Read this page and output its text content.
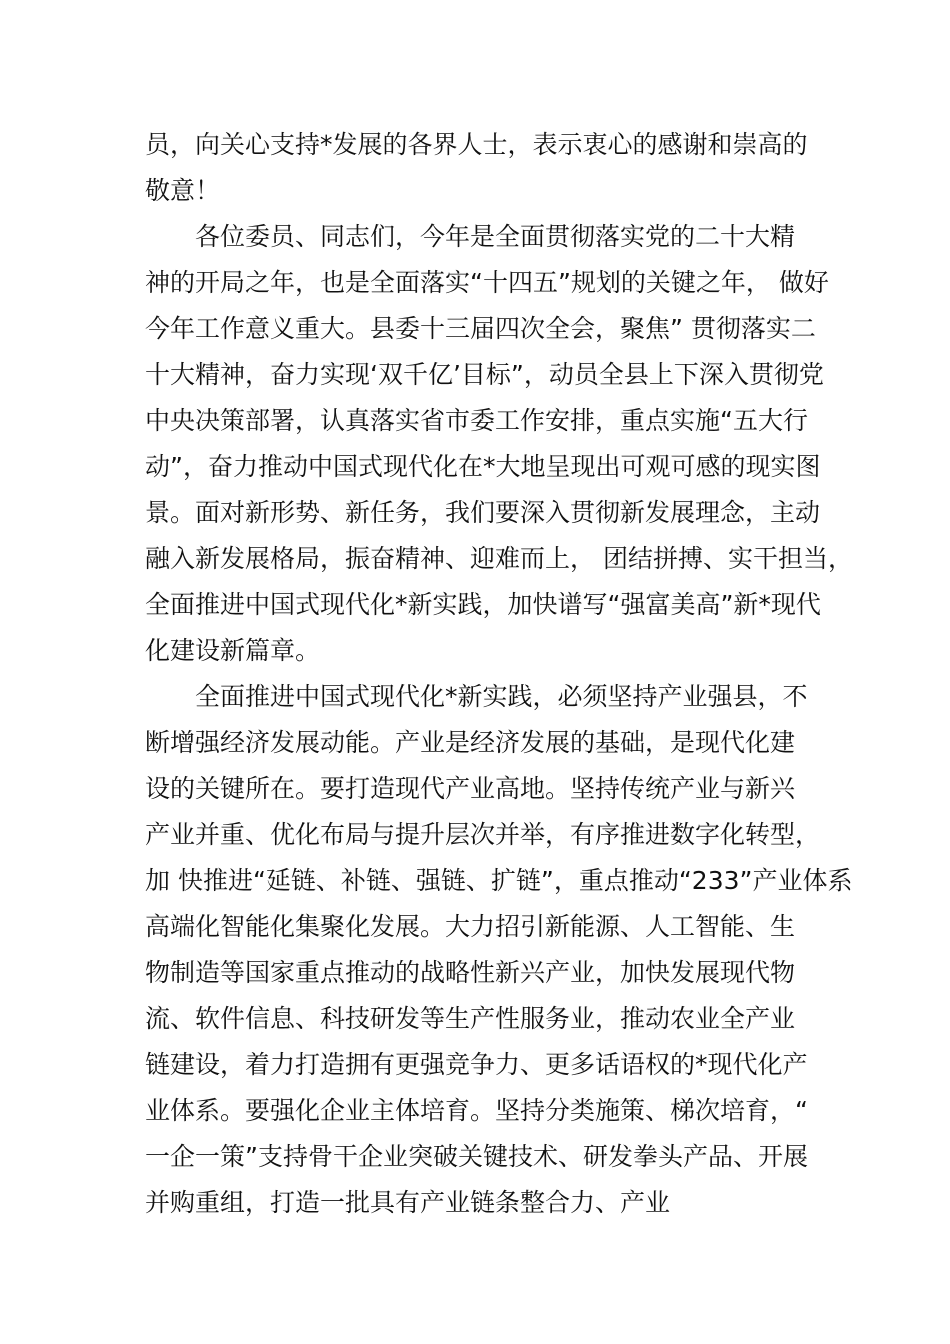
员，向关心支持*发展的各界人士，表示衷心的感谢和崇高的
敬意！
各位委员、同志们，今年是全面贯彻落实党的二十大精
神的开局之年，也是全面落实“十四五”规划的关键之年， 做好
今年工作意义重大。县委十三届四次全会，聚焦” 贯彻落实二
十大精神，奋力实现‘双千亿’目标”，动员全县上下深入贯彻党
中央决策部署，认真落实省市委工作安排，重点实施“五大行
动”，奋力推动中国式现代化在*大地呈现出可观可感的现实图
景。面对新形势、新任务，我们要深入贯彻新发展理念，主动
融入新发展格局，振奋精神、迎难而上， 团结拼搏、实干担当，
全面推进中国式现代化*新实践，加快谱写“强富美高”新*现代
化建设新篇章。
全面推进中国式现代化*新实践，必须坚持产业强县，不
断增强经济发展动能。产业是经济发展的基础，是现代化建
设的关键所在。要打造现代产业高地。坚持传统产业与新兴
产业并重、优化布局与提升层次并举，有序推进数字化转型，
加 快推进“延链、补链、强链、扩链”，重点推动“233”产业体系
高端化智能化集聚化发展。大力招引新能源、人工智能、生
物制造等国家重点推动的战略性新兴产业，加快发展现代物
流、软件信息、科技研发等生产性服务业，推动农业全产业
链建设，着力打造拥有更强竞争力、更多话语权的*现代化产
业体系。要强化企业主体培育。坚持分类施策、梯次培育，“
一企一策”支持骨干企业突破关键技术、研发拳头产品、开展
并购重组，打造一批具有产业链条整合力、产业
